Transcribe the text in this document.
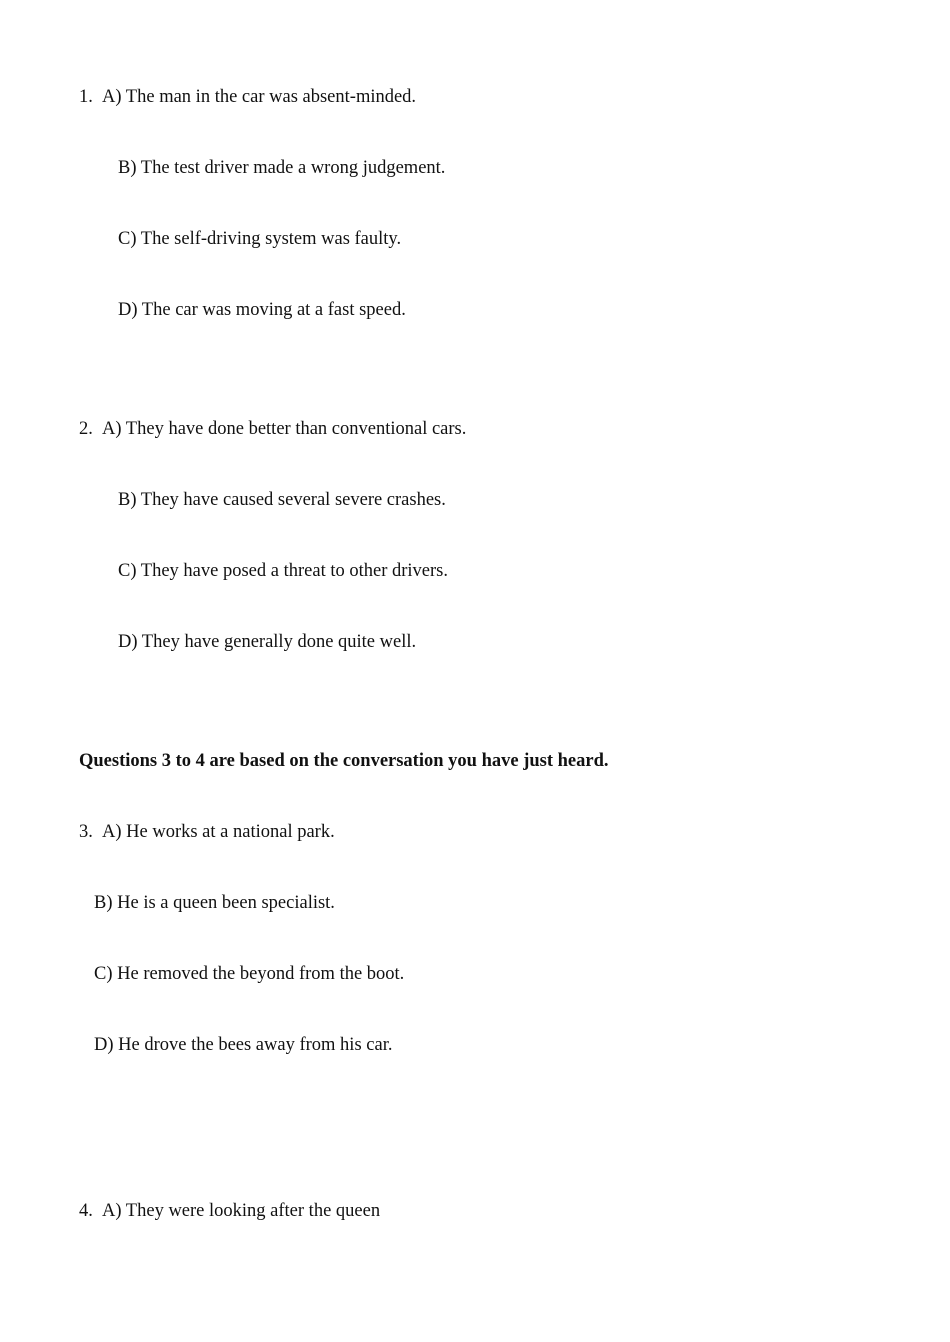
1. A) The man in the car was absent-minded.
B) The test driver made a wrong judgement.
C) The self-driving system was faulty.
D) The car was moving at a fast speed.
2. A) They have done better than conventional cars.
B) They have caused several severe crashes.
C) They have posed a threat to other drivers.
D) They have generally done quite well.
Questions 3 to 4 are based on the conversation you have just heard.
3. A) He works at a national park.
B) He is a queen been specialist.
C) He removed the beyond from the boot.
D) He drove the bees away from his car.
4. A) They were looking after the queen
